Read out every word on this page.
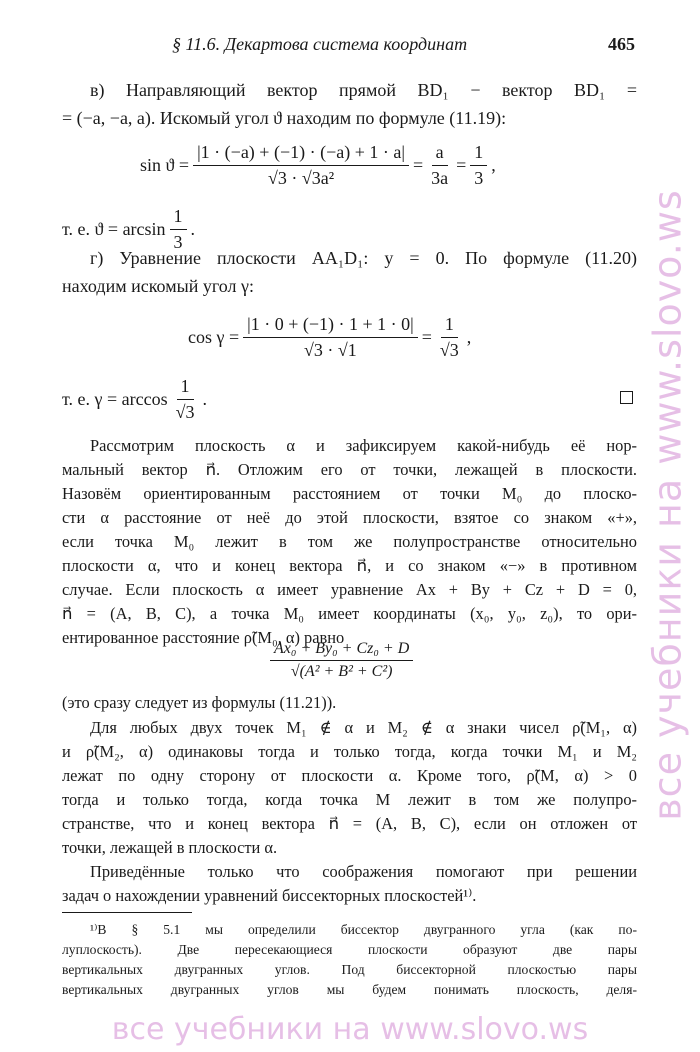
§ 11.6. Декартова система координат	465
в) Направляющий вектор прямой BD₁ − вектор BD₁ =
= (−a, −a, a). Искомый угол ϑ находим по формуле (11.19):
$\sin ϑ = \frac{|1 \cdot (-a) + (-1) \cdot (-a) + 1 \cdot a|}{\text{√3 · √3a²}} = \frac{a}{3a} = \frac{1}{3}$ ,
т. е. $ϑ = \arcsin \frac{1}{3}$ .
г) Уравнение плоскости AA₁D₁: y = 0. По формуле (11.20)
находим искомый угол γ:
$\cos \gamma = \frac{|1 \cdot 0 + (-1) \cdot 1 + 1 \cdot 0|}{√3 \cdot √1} = \frac{1}{√3}$ ,
т. е. $\gamma = \arccos \frac{1}{√3}$ .
Рассмотрим плоскость α и зафиксируем какой-нибудь её нор-
мальный вектор n⃗. Отложим его от точки, лежащей в плоскости.
Назовём ориентированным расстоянием от точки M₀ до плоско-
сти α расстояние от неё до этой плоскости, взятое со знаком «+»,
если точка M₀ лежит в том же полупространстве относительно
плоскости α, что и конец вектора n⃗, и со знаком «−» в противном
случае. Если плоскость α имеет уравнение Ax + By + Cz + D = 0,
n⃗ = (A, B, C), а точка M₀ имеет координаты (x₀, y₀, z₀), то ори-
ентированное расстояние ρ̃(M₀, α) равно
$\frac{\text{Ax₀ + By₀ + Cz₀ + D}}{\text{√(A² + B² + C²)}}$
(это сразу следует из формулы (11.21)).
Для любых двух точек M₁ ∉ α и M₂ ∉ α знаки чисел ρ̃(M₁, α)
и ρ̃(M₂, α) одинаковы тогда и только тогда, когда точки M₁ и M₂
лежат по одну сторону от плоскости α. Кроме того, ρ̃(M, α) > 0
тогда и только тогда, когда точка M лежит в том же полупро-
странстве, что и конец вектора n⃗ = (A, B, C), если он отложен от
точки, лежащей в плоскости α.
Приведённые только что соображения помогают при решении
задач о нахождении уравнений биссекторных плоскостей¹⁾.
¹⁾В § 5.1 мы определили биссектор двугранного угла (как по-
луплоскость). Две пересекающиеся плоскости образуют две пары
вертикальных двугранных углов. Под биссекторной плоскостью пары
вертикальных двугранных углов мы будем понимать плоскость, деля-
все учебники на www.slovo.ws
все учебники на www.slovo.ws
